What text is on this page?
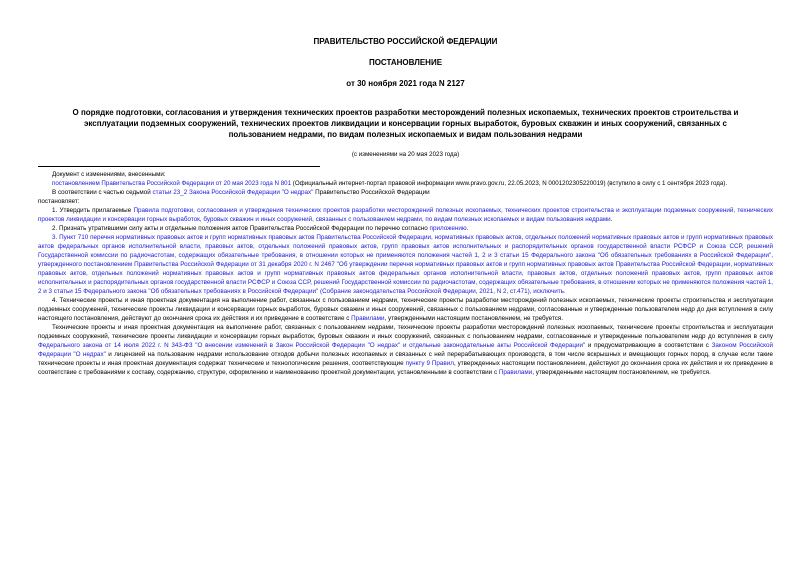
ПРАВИТЕЛЬСТВО РОССИЙСКОЙ ФЕДЕРАЦИИ
ПОСТАНОВЛЕНИЕ
от 30 ноября 2021 года N 2127
О порядке подготовки, согласования и утверждения технических проектов разработки месторождений полезных ископаемых, технических проектов строительства и эксплуатации подземных сооружений, технических проектов ликвидации и консервации горных выработок, буровых скважин и иных сооружений, связанных с пользованием недрами, по видам полезных ископаемых и видам пользования недрами
(с изменениями на 20 мая 2023 года)

Документ с изменениями, внесенными:

постановлением Правительства Российской Федерации от 20 мая 2023 года N 801 (Официальный интернет-портал правовой информации www.pravo.gov.ru, 22.05.2023, N 0001202305220019) (вступило в силу с 1 сентября 2023 года).

В соответствии с частью седьмой статьи 23_2 Закона Российской Федерации "О недрах" Правительство Российской Федерации

постановляет:

1. Утвердить прилагаемые Правила подготовки, согласования и утверждения технических проектов разработки месторождений полезных ископаемых, технических проектов строительства и эксплуатации подземных сооружений, технических проектов ликвидации и консервации горных выработок, буровых скважин и иных сооружений, связанных с пользованием недрами, по видам полезных ископаемых и видам пользования недрами.

2. Признать утратившими силу акты и отдельные положения актов Правительства Российской Федерации по перечню согласно приложению.

3. Пункт 710 перечня нормативных правовых актов и групп нормативных правовых актов Правительства Российской Федерации, нормативных правовых актов, отдельных положений нормативных правовых актов и групп нормативных правовых актов федеральных органов исполнительной власти, правовых актов, отдельных положений правовых актов, групп правовых актов исполнительных и распорядительных органов государственной власти РСФСР и Союза ССР, решений Государственной комиссии по радиочастотам, содержащих обязательные требования, в отношении которых не применяются положения частей 1, 2 и 3 статьи 15 Федерального закона "Об обязательных требованиях в Российской Федерации", утвержденного постановлением Правительства Российской Федерации от 31 декабря 2020 г. N 2467 "Об утверждении перечня нормативных правовых актов и групп нормативных правовых актов Правительства Российской Федерации, нормативных правовых актов, отдельных положений нормативных правовых актов и групп нормативных правовых актов федеральных органов исполнительной власти, правовых актов, отдельных положений правовых актов, групп правовых актов исполнительных и распорядительных органов государственной власти РСФСР и Союза ССР, решений Государственной комиссии по радиочастотам, содержащих обязательные требования, в отношении которых не применяются положения частей 1, 2 и 3 статьи 15 Федерального закона "Об обязательных требованиях в Российской Федерации" (Собрание законодательства Российской Федерации, 2021, N 2, ст.471), исключить.

4. Технические проекты и иная проектная документация на выполнение работ, связанных с пользованием недрами, технические проекты разработки месторождений полезных ископаемых, технические проекты строительства и эксплуатации подземных сооружений, технические проекты ликвидации и консервации горных выработок, буровых скважин и иных сооружений, связанных с пользованием недрами, согласованные и утвержденные пользователем недр до дня вступления в силу настоящего постановления, действуют до окончания срока их действия и их приведение в соответствие с Правилами, утвержденными настоящим постановлением, не требуется.

Технические проекты и иная проектная документация на выполнение работ, связанных с пользованием недрами, технические проекты разработки месторождений полезных ископаемых, технические проекты строительства и эксплуатации подземных сооружений, технические проекты ликвидации и консервации горных выработок, буровых скважин и иных сооружений, связанных с пользованием недрами, согласованные и утвержденные пользователем недр до вступления в силу Федерального закона от 14 июля 2022 г. N 343-ФЗ "О внесении изменений в Закон Российской Федерации "О недрах" и отдельные законодательные акты Российской Федерации" и предусматривающие в соответствии с Законом Российской Федерации "О недрах" и лицензией на пользование недрами использование отходов добычи полезных ископаемых и связанных с ней перерабатывающих производств, в том числе вскрышных и вмещающих горных пород, в случае если такие технические проекты и иная проектная документация содержат технические и технологические решения, соответствующие пункту 9 Правил, утвержденных настоящим постановлением, действуют до окончания срока их действия и их приведение в соответствие с требованиями к составу, содержанию, структуре, оформлению и наименованию проектной документации, установленными в соответствии с Правилами, утвержденными настоящим постановлением, не требуется.
